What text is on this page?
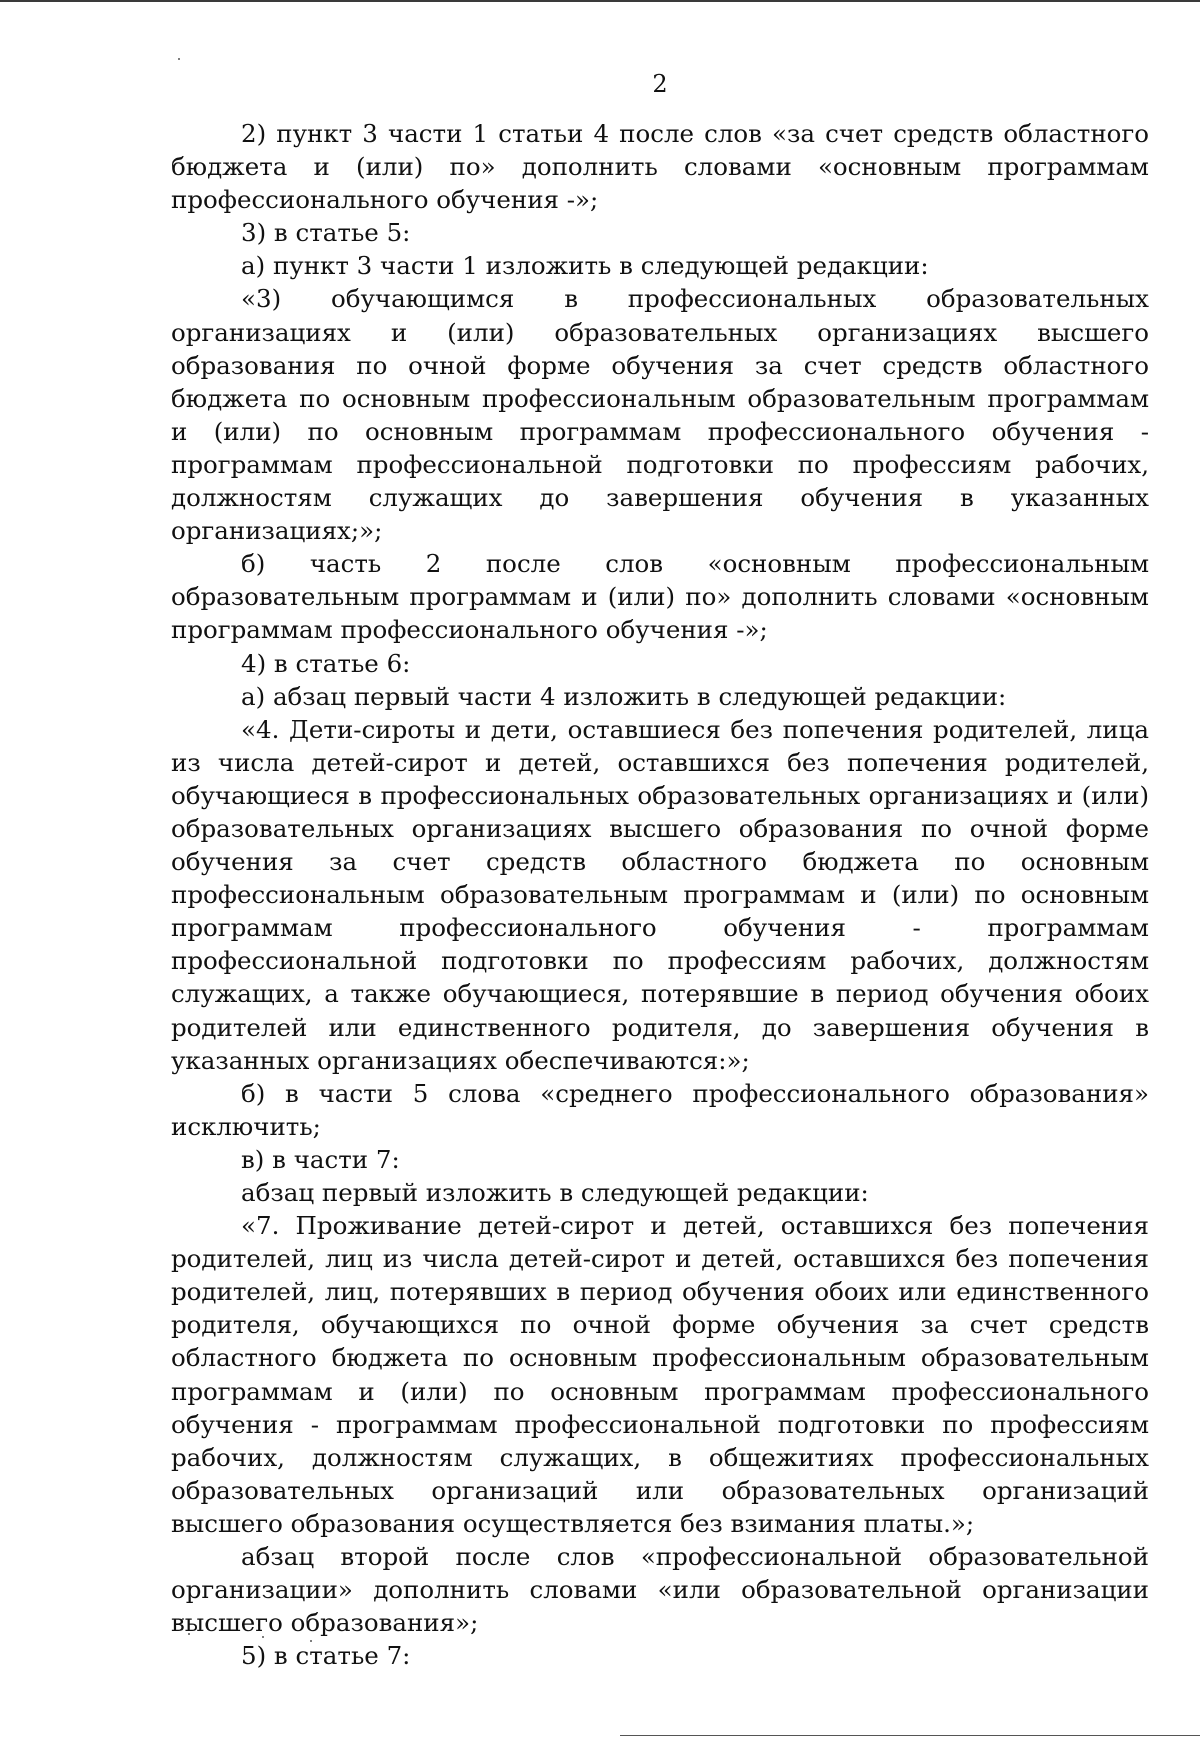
2

2) пункт 3 части 1 статьи 4 после слов «за счет средств областного бюджета и (или) по» дополнить словами «основным программам профессионального обучения -»;

3) в статье 5:

а) пункт 3 части 1 изложить в следующей редакции:

«3) обучающимся в профессиональных образовательных организациях и (или) образовательных организациях высшего образования по очной форме обучения за счет средств областного бюджета по основным профессиональным образовательным программам и (или) по основным программам профессионального обучения - программам профессиональной подготовки по профессиям рабочих, должностям служащих до завершения обучения в указанных организациях;»;

б) часть 2 после слов «основным профессиональным образовательным программам и (или) по» дополнить словами «основным программам профессионального обучения -»;

4) в статье 6:

а) абзац первый части 4 изложить в следующей редакции:

«4. Дети-сироты и дети, оставшиеся без попечения родителей, лица из числа детей-сирот и детей, оставшихся без попечения родителей, обучающиеся в профессиональных образовательных организациях и (или) образовательных организациях высшего образования по очной форме обучения за счет средств областного бюджета по основным профессиональным образовательным программам и (или) по основным программам профессионального обучения - программам профессиональной подготовки по профессиям рабочих, должностям служащих, а также обучающиеся, потерявшие в период обучения обоих родителей или единственного родителя, до завершения обучения в указанных организациях обеспечиваются:»;

б) в части 5 слова «среднего профессионального образования» исключить;

в) в части 7:

абзац первый изложить в следующей редакции:

«7. Проживание детей-сирот и детей, оставшихся без попечения родителей, лиц из числа детей-сирот и детей, оставшихся без попечения родителей, лиц, потерявших в период обучения обоих или единственного родителя, обучающихся по очной форме обучения за счет средств областного бюджета по основным профессиональным образовательным программам и (или) по основным программам профессионального обучения - программам профессиональной подготовки по профессиям рабочих, должностям служащих, в общежитиях профессиональных образовательных организаций или образовательных организаций высшего образования осуществляется без взимания платы.»;

абзац второй после слов «профессиональной образовательной организации» дополнить словами «или образовательной организации высшего образования»;

5) в статье 7:
